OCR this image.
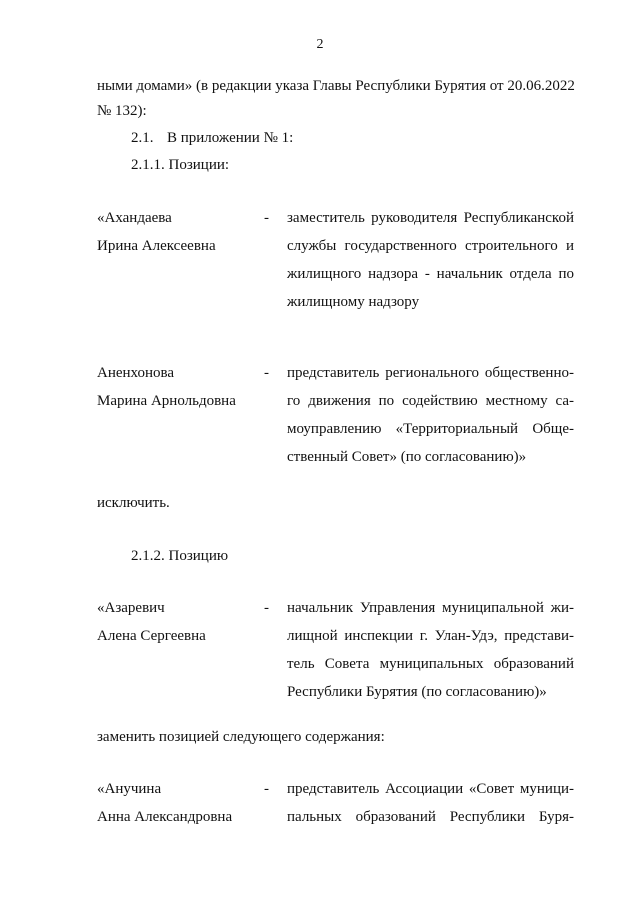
2
ными домами» (в редакции указа Главы Республики Бурятия от 20.06.2022
№ 132):
2.1. В приложении № 1:
2.1.1. Позиции:
«Ахандаева
Ирина Алексеевна
- заместитель руководителя Республиканской
службы государственного строительного и
жилищного надзора - начальник отдела по
жилищному надзору
Аненхонова
Марина Арнольдовна
- представитель регионального общественно-
го движения по содействию местному са-
моуправлению «Территориальный Обще-
ственный Совет» (по согласованию)»
исключить.
2.1.2. Позицию
«Азаревич
Алена Сергеевна
- начальник Управления муниципальной жи-
лищной инспекции г. Улан-Удэ, представи-
тель Совета муниципальных образований
Республики Бурятия (по согласованию)»
заменить позицией следующего содержания:
«Анучина
Анна Александровна
- представитель Ассоциации «Совет муници-
пальных образований Республики Буря-
